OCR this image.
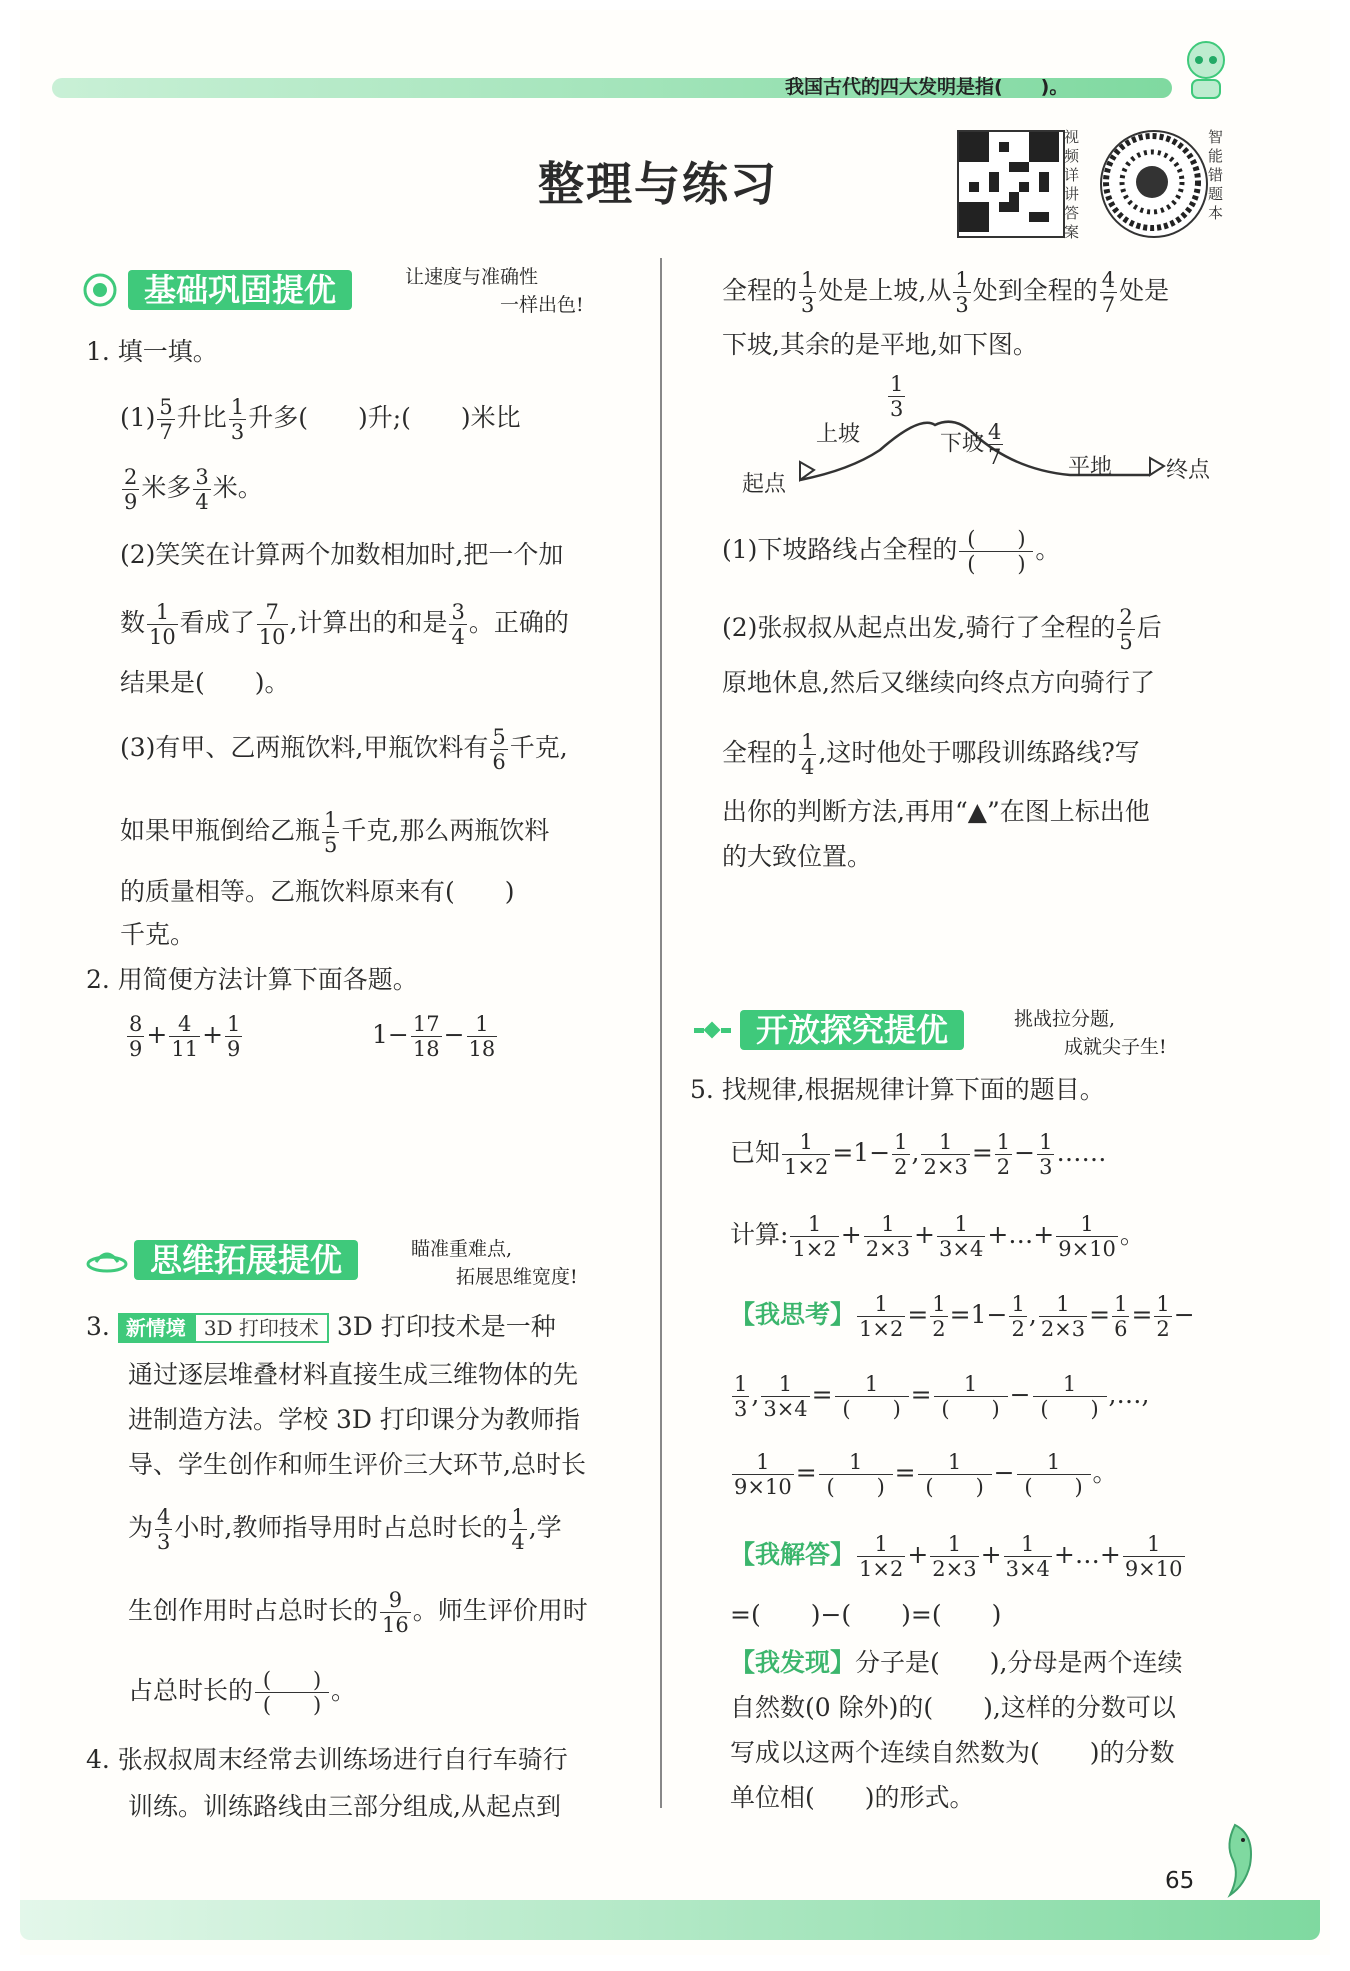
我国古代的四大发明是指(　　)。
整理与练习
视频详讲答案
智能错题本
基础巩固提优	让速度与准确性
一样出色!
1. 填一填。
$(1) \frac{5}{7}$ 升比 $\frac{1}{3}$ 升多(　　)升;(　　)米比
$\frac{2}{9}$ 米多 $\frac{3}{4}$ 米。
(2)笑笑在计算两个加数相加时,把一个加
数 $\frac{1}{10}$ 看成了 $\frac{7}{10}$ ,计算出的和是 $\frac{3}{4}$ 。正确的
结果是(　　)。
(3)有甲、乙两瓶饮料,甲瓶饮料有 $\frac{5}{6}$ 千克,
如果甲瓶倒给乙瓶 $\frac{1}{5}$ 千克,那么两瓶饮料
的质量相等。乙瓶饮料原来有(　　)
千克。
2. 用简便方法计算下面各题。
$\frac{8}{9} + \frac{4}{11} + \frac{1}{9}$	$1- \frac{17}{18} - \frac{1}{18}$
思维拓展提优	瞄准重难点,
拓展思维宽度!
3. 新情境 3D 打印技术 3D 打印技术是一种
通过逐层堆叠材料直接生成三维物体的先
进制造方法。学校 3D 打印课分为教师指
导、学生创作和师生评价三大环节,总时长
为 $\frac{4}{3}$ 小时,教师指导用时占总时长的 $\frac{1}{4}$ ,学
生创作用时占总时长的 $\frac{9}{16}$ 。师生评价用时
占总时长的 $\frac{( )}{( )}$ 。
4. 张叔叔周末经常去训练场进行自行车骑行
训练。训练路线由三部分组成,从起点到
全程的 $\frac{1}{3}$ 处是上坡,从 $\frac{1}{3}$ 处到全程的 $\frac{4}{7}$ 处是
下坡,其余的是平地,如下图。
$\frac{1}{3}$
上坡	下坡 $\frac{4}{7}$	平地
起点
终点
(1)下坡路线占全程的 $\frac{( )}{( )}$ 。
(2)张叔叔从起点出发,骑行了全程的 $\frac{2}{5}$ 后
原地休息,然后又继续向终点方向骑行了
全程的 $\frac{1}{4}$ ,这时他处于哪段训练路线?写
出你的判断方法,再用“▲”在图上标出他
的大致位置。
开放探究提优	挑战拉分题,
成就尖子生!
5. 找规律,根据规律计算下面的题目。
已知 $\frac{1}{1\times 2} =1- \frac{1}{2}$ , $\frac{1}{2\times 3} = \frac{1}{2} - \frac{1}{3}$ ……
计算: $\frac{1}{1\times 2} + \frac{1}{2\times 3} + \frac{1}{3\times 4}$ +…+ $\frac{1}{9\times 10}$ 。
【我思考】 $\frac{1}{1\times 2} = \frac{1}{2} =1- \frac{1}{2}$ , $\frac{1}{2\times 3} = \frac{1}{6} = \frac{1}{2}$ −
$\frac{1}{3}$ , $\frac{1}{3\times 4} = \frac{1}{( )} = \frac{1}{( )} - \frac{1}{( )}$ ,…,
$\frac{1}{9\times 10} = \frac{1}{( )} = \frac{1}{( )} - \frac{1}{( )}$ 。
【我解答】 $\frac{1}{1\times 2} + \frac{1}{2\times 3} + \frac{1}{3\times 4}$ +…+ $\frac{1}{9\times 10}$
=(　　)−(　　)=(　　)
【我发现】分子是(　　),分母是两个连续
自然数(0 除外)的(　　),这样的分数可以
写成以这两个连续自然数为(　　)的分数
单位相(　　)的形式。
65
